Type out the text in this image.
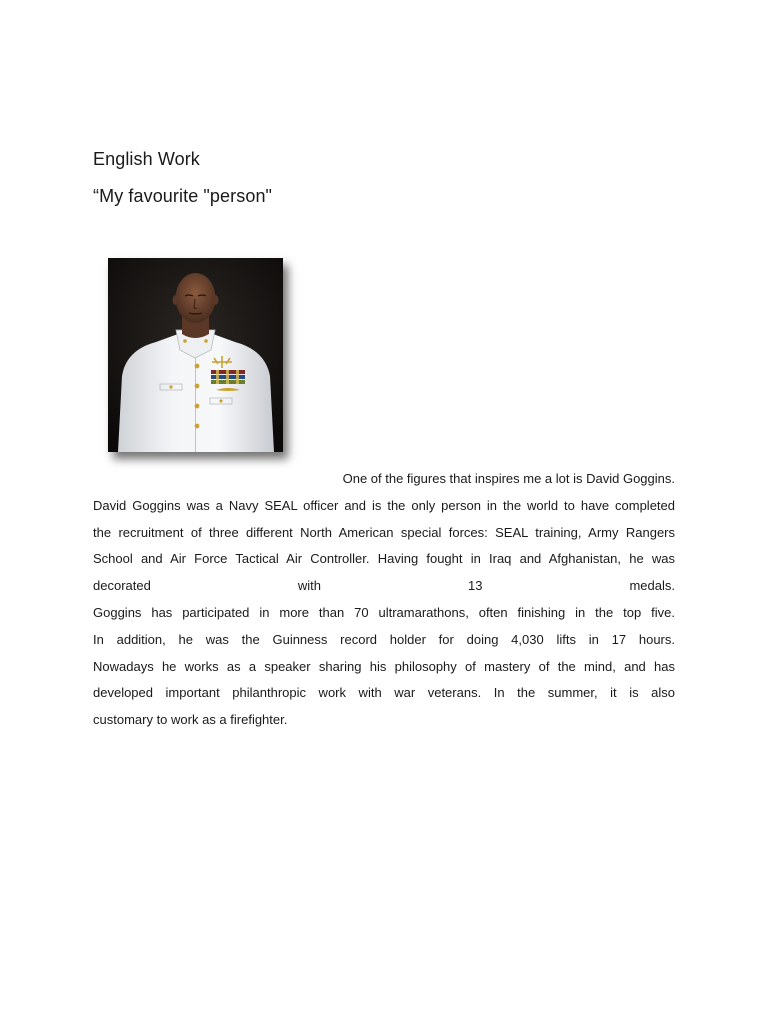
English Work
“My favourite "person"
One of the figures that inspires me a lot is David Goggins.
David Goggins was a Navy SEAL officer and is the only person in the world to have completed
the recruitment of three different North American special forces: SEAL training, Army Rangers
School and Air Force Tactical Air Controller. Having fought in Iraq and Afghanistan, he was
decorated with 13 medals.
Goggins has participated in more than 70 ultramarathons, often finishing in the top five.
In addition, he was the Guinness record holder for doing 4,030 lifts in 17 hours.
Nowadays he works as a speaker sharing his philosophy of mastery of the mind, and has
developed important philanthropic work with war veterans. In the summer, it is also
customary to work as a firefighter.
